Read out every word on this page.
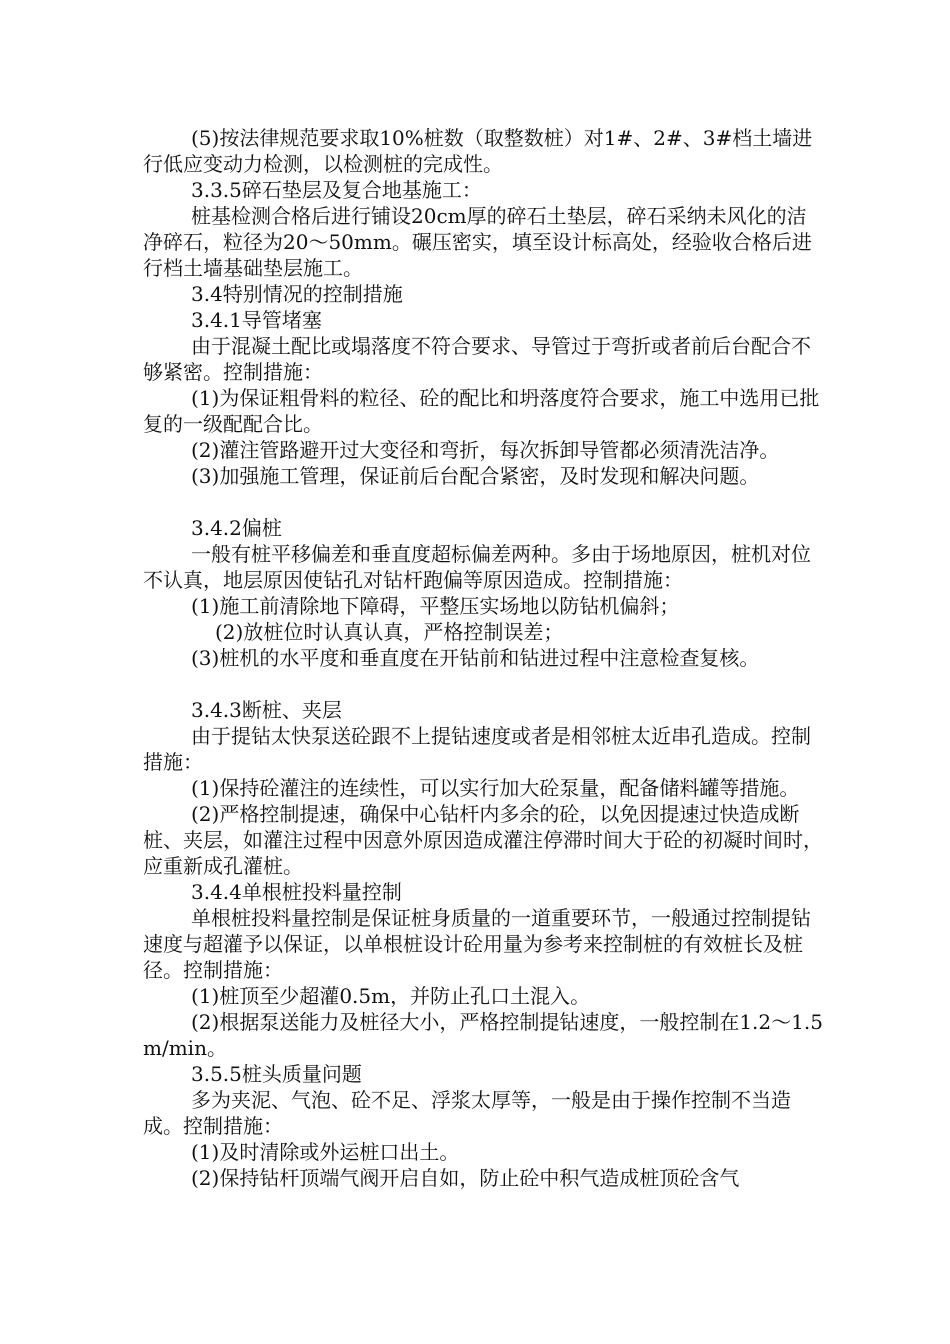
(5)按法律规范要求取10%桩数（取整数桩）对1#、2#、3#档土墙进行低应变动力检测，以检测桩的完成性。

3.3.5碎石垫层及复合地基施工：

桩基检测合格后进行铺设20cm厚的碎石土垫层，碎石采纳未风化的洁净碎石，粒径为20～50mm。碾压密实，填至设计标高处，经验收合格后进行档土墙基础垫层施工。

3.4特别情况的控制措施

3.4.1导管堵塞

由于混凝土配比或塌落度不符合要求、导管过于弯折或者前后台配合不够紧密。控制措施：

(1)为保证粗骨料的粒径、砼的配比和坍落度符合要求，施工中选用已批复的一级配配合比。

(2)灌注管路避开过大变径和弯折，每次拆卸导管都必须清洗洁净。

(3)加强施工管理，保证前后台配合紧密，及时发现和解决问题。

3.4.2偏桩

一般有桩平移偏差和垂直度超标偏差两种。多由于场地原因，桩机对位不认真，地层原因使钻孔对钻杆跑偏等原因造成。控制措施：

(1)施工前清除地下障碍，平整压实场地以防钻机偏斜；

(2)放桩位时认真认真，严格控制误差；

(3)桩机的水平度和垂直度在开钻前和钻进过程中注意检查复核。

3.4.3断桩、夹层

由于提钻太快泵送砼跟不上提钻速度或者是相邻桩太近串孔造成。控制措施：

(1)保持砼灌注的连续性，可以实行加大砼泵量，配备储料罐等措施。

(2)严格控制提速，确保中心钻杆内多余的砼，以免因提速过快造成断桩、夹层，如灌注过程中因意外原因造成灌注停滞时间大于砼的初凝时间时，应重新成孔灌桩。

3.4.4单根桩投料量控制

单根桩投料量控制是保证桩身质量的一道重要环节，一般通过控制提钻速度与超灌予以保证，以单根桩设计砼用量为参考来控制桩的有效桩长及桩径。控制措施：

(1)桩顶至少超灌0.5m，并防止孔口土混入。

(2)根据泵送能力及桩径大小，严格控制提钻速度，一般控制在1.2～1.5m/min。

3.5.5桩头质量问题

多为夹泥、气泡、砼不足、浮浆太厚等，一般是由于操作控制不当造成。控制措施：

(1)及时清除或外运桩口出土。

(2)保持钻杆顶端气阀开启自如，防止砼中积气造成桩顶砼含气
